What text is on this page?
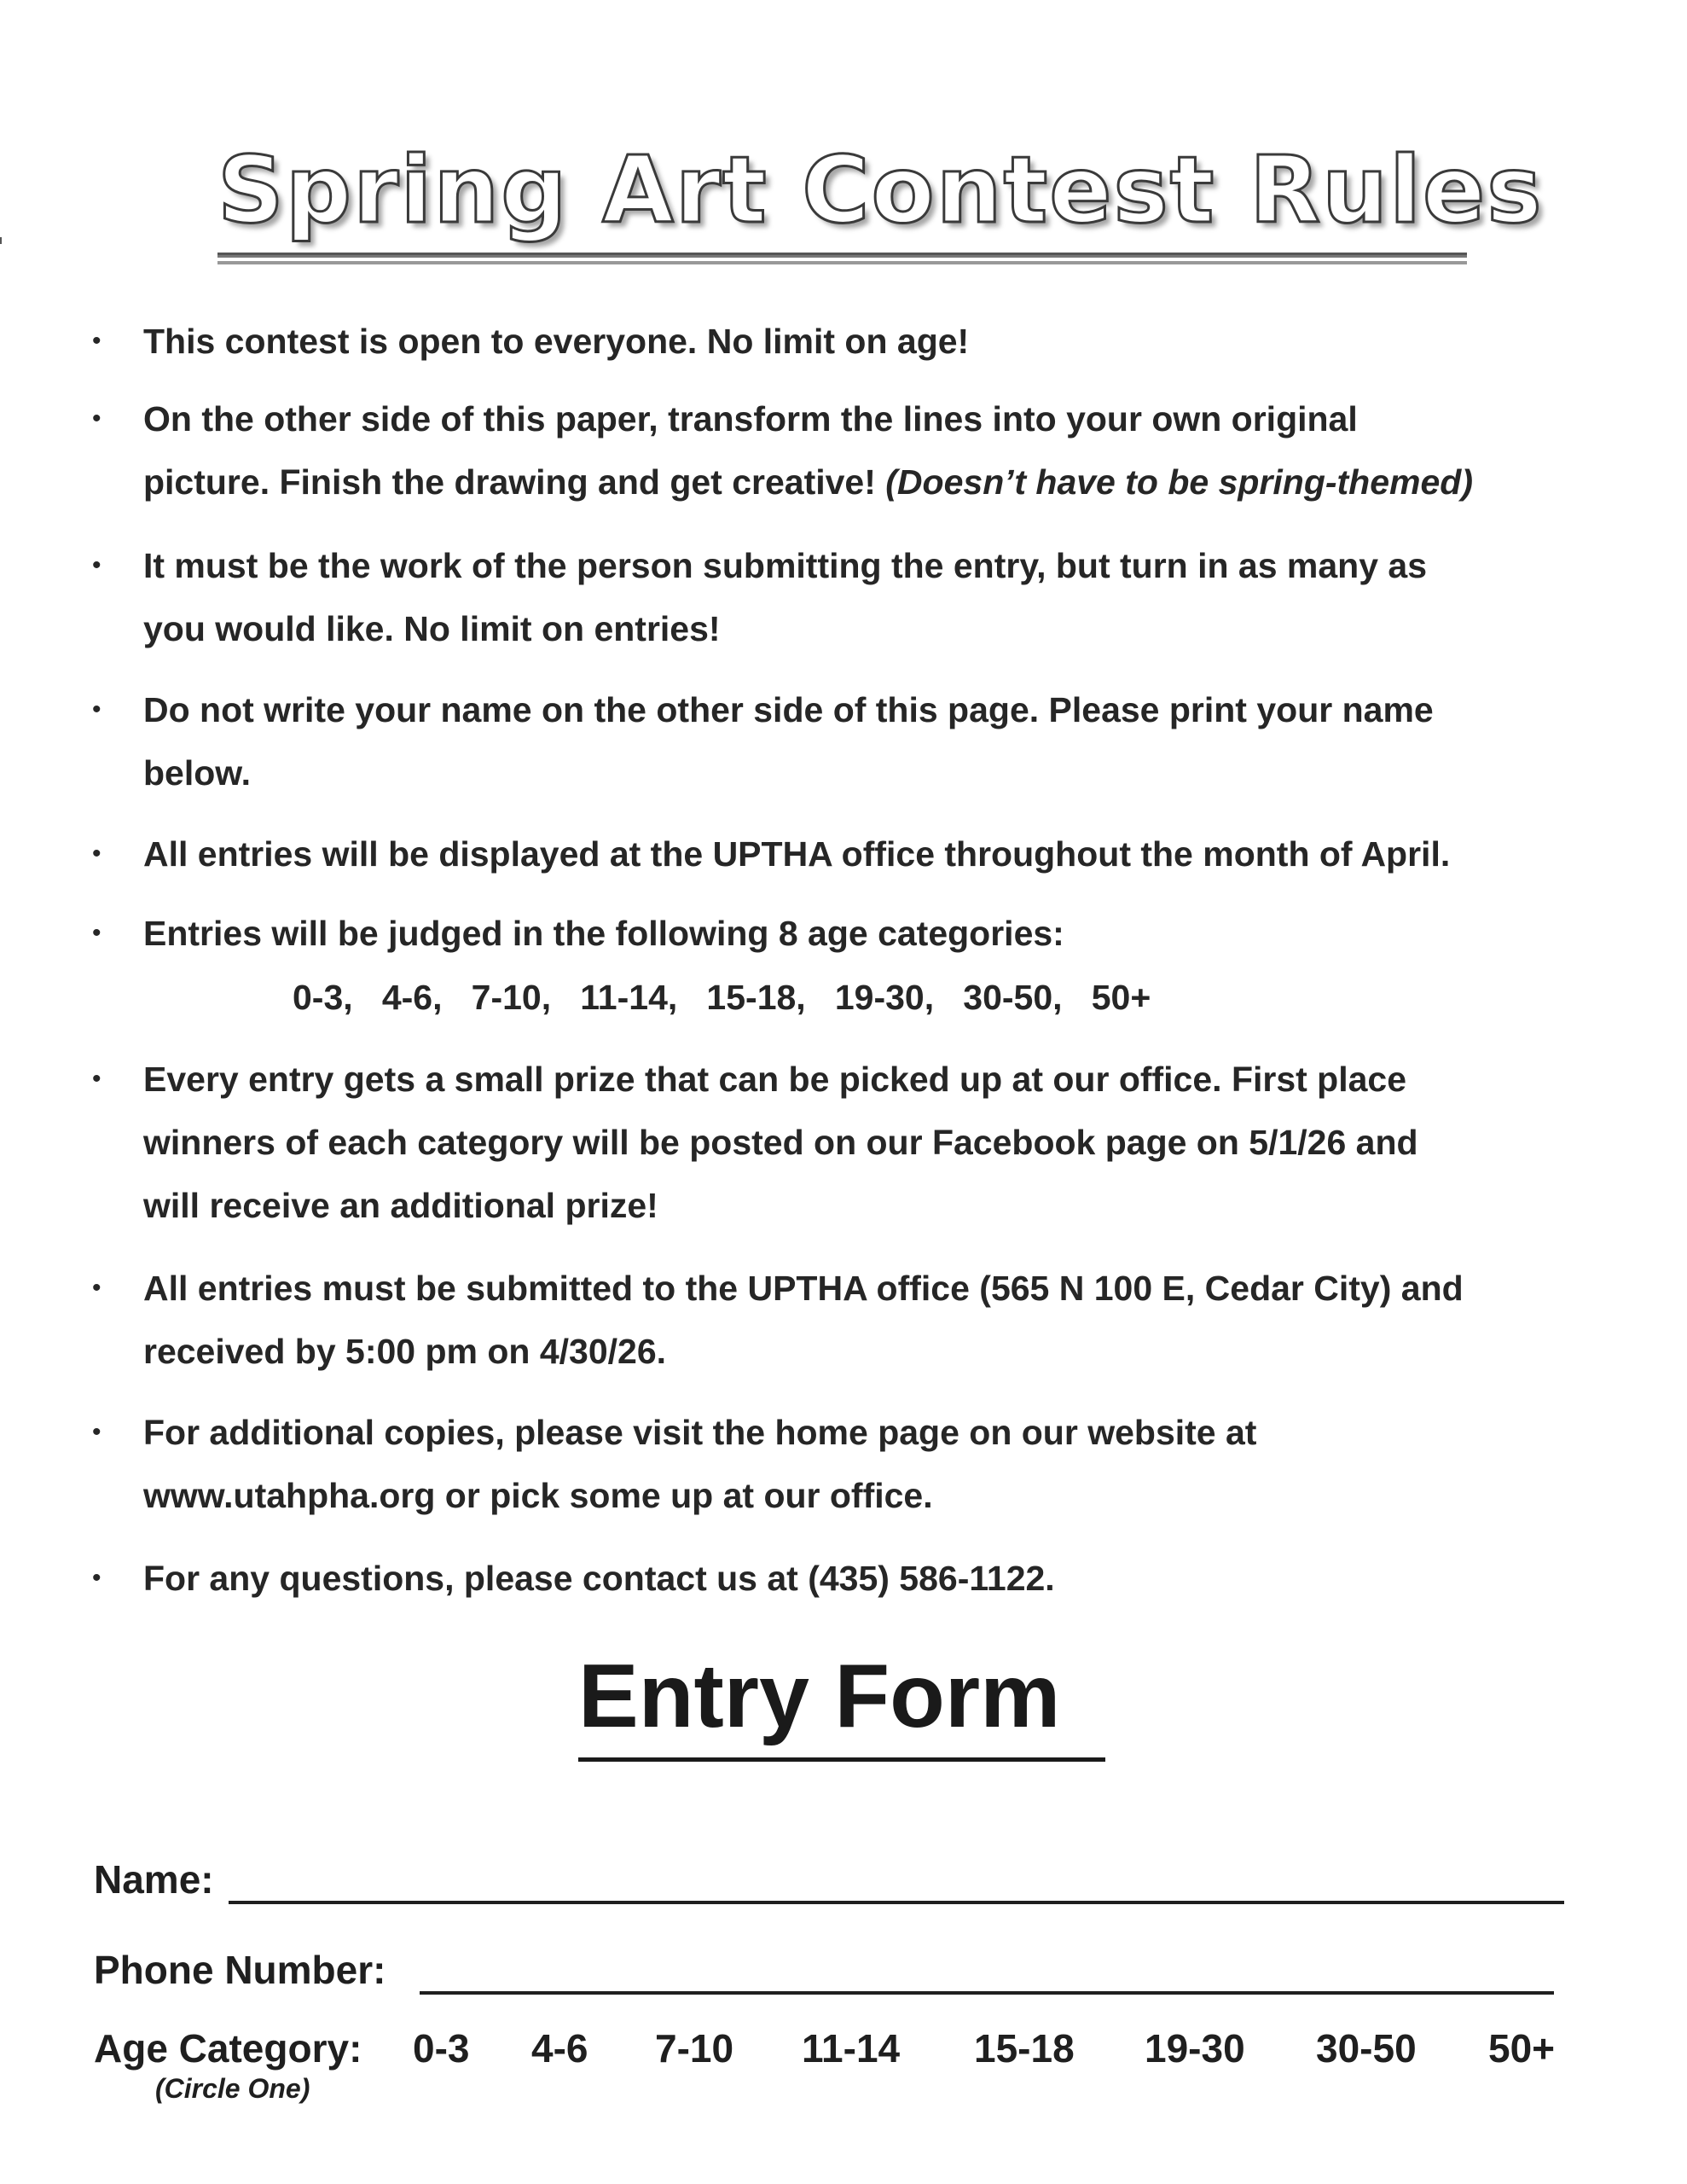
Spring Art Contest Rules
• This contest is open to everyone. No limit on age!
• On the other side of this paper, transform the lines into your own original
picture. Finish the drawing and get creative! (Doesn’t have to be spring-themed)
• It must be the work of the person submitting the entry, but turn in as many as
you would like. No limit on entries!
• Do not write your name on the other side of this page. Please print your name
below.
• All entries will be displayed at the UPTHA office throughout the month of April.
• Entries will be judged in the following 8 age categories:
0-3,   4-6,   7-10,   11-14,   15-18,   19-30,   30-50,   50+
• Every entry gets a small prize that can be picked up at our office. First place
winners of each category will be posted on our Facebook page on 5/1/26 and
will receive an additional prize!
• All entries must be submitted to the UPTHA office (565 N 100 E, Cedar City) and
received by 5:00 pm on 4/30/26.
• For additional copies, please visit the home page on our website at
www.utahpha.org or pick some up at our office.
• For any questions, please contact us at (435) 586-1122.
Entry Form
Name:
Phone Number:
Age Category:
(Circle One)
0-3 4-6 7-10 11-14 15-18 19-30 30-50 50+
